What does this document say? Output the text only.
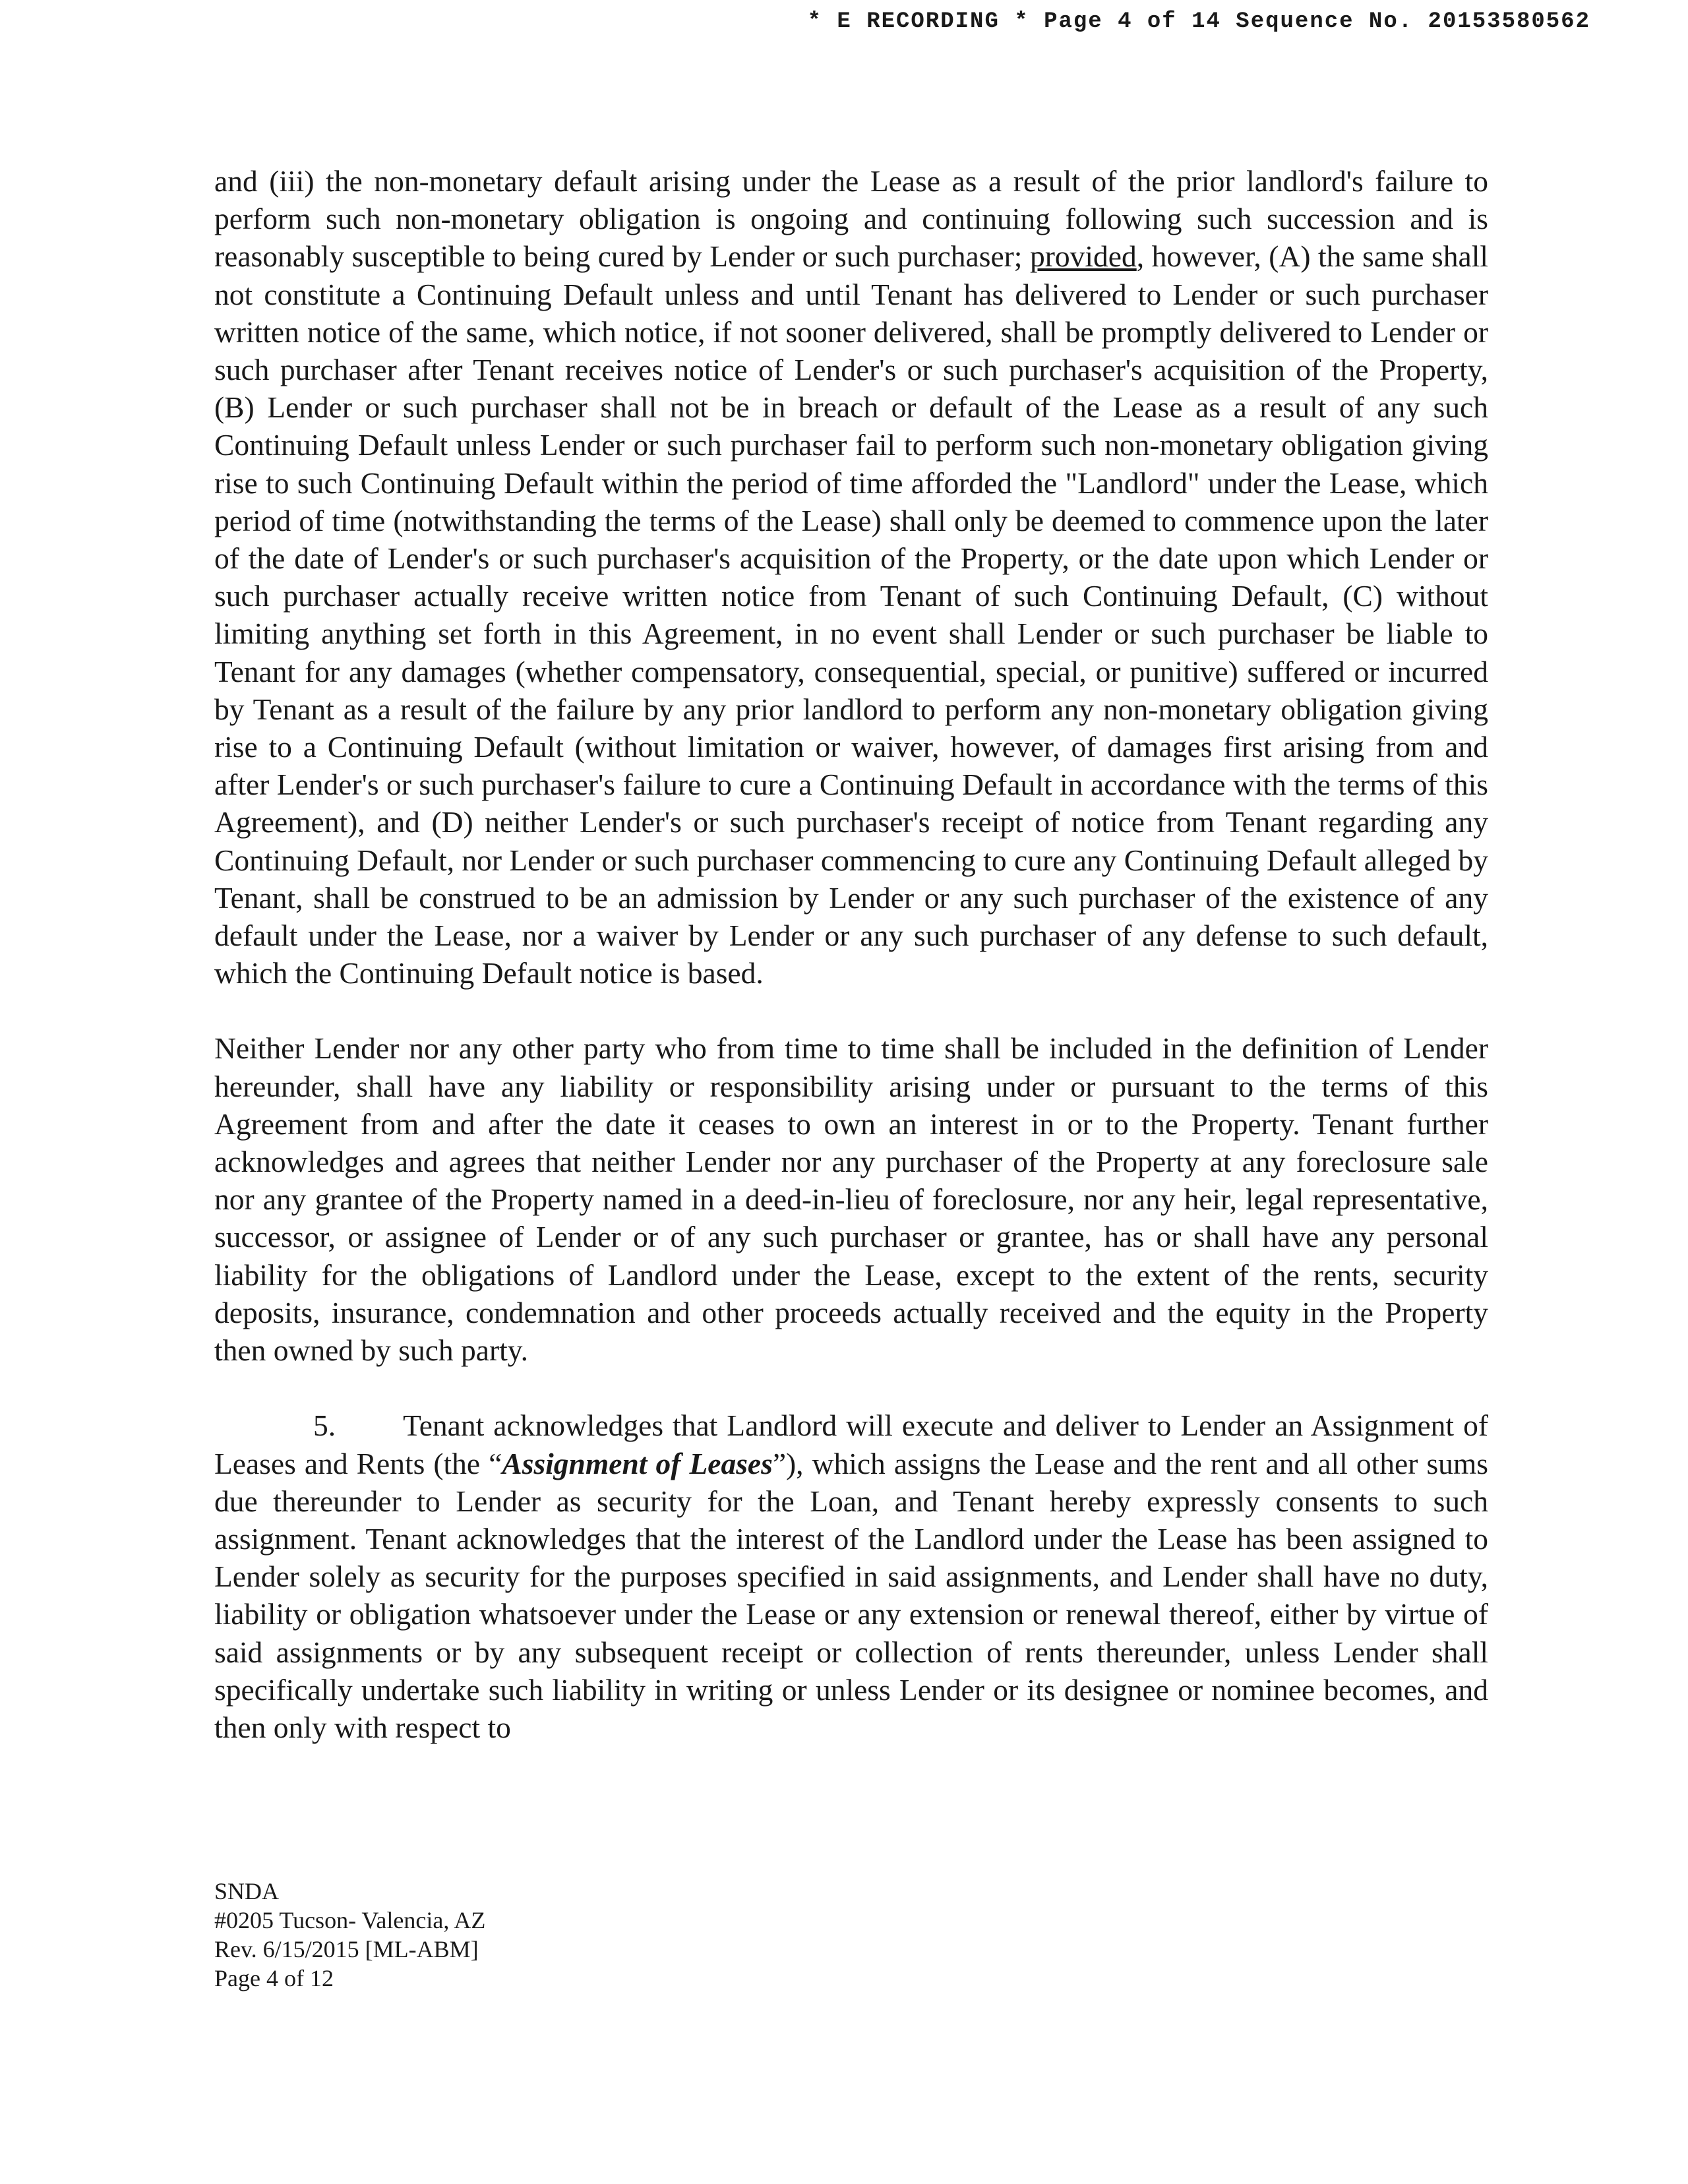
* E RECORDING * Page 4 of 14 Sequence No. 20153580562

and (iii) the non-monetary default arising under the Lease as a result of the prior landlord's failure to perform such non-monetary obligation is ongoing and continuing following such succession and is reasonably susceptible to being cured by Lender or such purchaser; provided, however, (A) the same shall not constitute a Continuing Default unless and until Tenant has delivered to Lender or such purchaser written notice of the same, which notice, if not sooner delivered, shall be promptly delivered to Lender or such purchaser after Tenant receives notice of Lender's or such purchaser's acquisition of the Property, (B) Lender or such purchaser shall not be in breach or default of the Lease as a result of any such Continuing Default unless Lender or such purchaser fail to perform such non-monetary obligation giving rise to such Continuing Default within the period of time afforded the "Landlord" under the Lease, which period of time (notwithstanding the terms of the Lease) shall only be deemed to commence upon the later of the date of Lender's or such purchaser's acquisition of the Property, or the date upon which Lender or such purchaser actually receive written notice from Tenant of such Continuing Default, (C) without limiting anything set forth in this Agreement, in no event shall Lender or such purchaser be liable to Tenant for any damages (whether compensatory, consequential, special, or punitive) suffered or incurred by Tenant as a result of the failure by any prior landlord to perform any non-monetary obligation giving rise to a Continuing Default (without limitation or waiver, however, of damages first arising from and after Lender's or such purchaser's failure to cure a Continuing Default in accordance with the terms of this Agreement), and (D) neither Lender's or such purchaser's receipt of notice from Tenant regarding any Continuing Default, nor Lender or such purchaser commencing to cure any Continuing Default alleged by Tenant, shall be construed to be an admission by Lender or any such purchaser of the existence of any default under the Lease, nor a waiver by Lender or any such purchaser of any defense to such default, which the Continuing Default notice is based.

Neither Lender nor any other party who from time to time shall be included in the definition of Lender hereunder, shall have any liability or responsibility arising under or pursuant to the terms of this Agreement from and after the date it ceases to own an interest in or to the Property. Tenant further acknowledges and agrees that neither Lender nor any purchaser of the Property at any foreclosure sale nor any grantee of the Property named in a deed-in-lieu of foreclosure, nor any heir, legal representative, successor, or assignee of Lender or of any such purchaser or grantee, has or shall have any personal liability for the obligations of Landlord under the Lease, except to the extent of the rents, security deposits, insurance, condemnation and other proceeds actually received and the equity in the Property then owned by such party.

5. Tenant acknowledges that Landlord will execute and deliver to Lender an Assignment of Leases and Rents (the “Assignment of Leases”), which assigns the Lease and the rent and all other sums due thereunder to Lender as security for the Loan, and Tenant hereby expressly consents to such assignment. Tenant acknowledges that the interest of the Landlord under the Lease has been assigned to Lender solely as security for the purposes specified in said assignments, and Lender shall have no duty, liability or obligation whatsoever under the Lease or any extension or renewal thereof, either by virtue of said assignments or by any subsequent receipt or collection of rents thereunder, unless Lender shall specifically undertake such liability in writing or unless Lender or its designee or nominee becomes, and then only with respect to

SNDA
#0205 Tucson- Valencia, AZ
Rev. 6/15/2015 [ML-ABM]
Page 4 of 12
